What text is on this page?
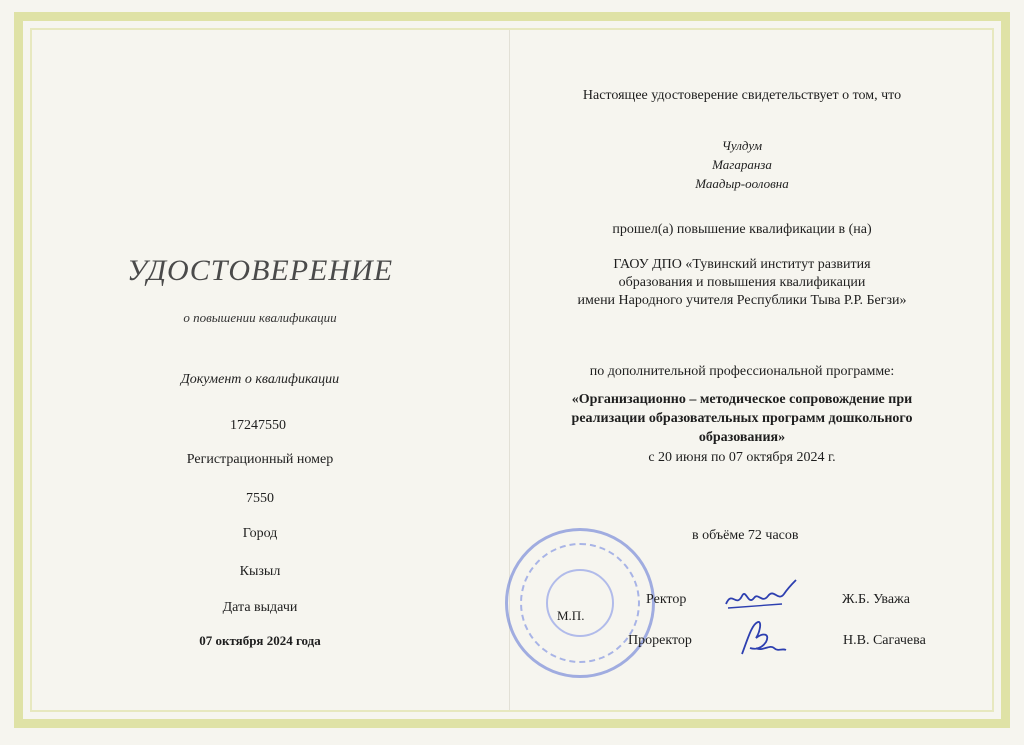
УДОСТОВЕРЕНИЕ
о повышении квалификации
Документ о квалификации
17247550
Регистрационный номер
7550
Город
Кызыл
Дата выдачи
07 октября 2024 года
Настоящее удостоверение свидетельствует о том, что
Чулдум
Магаранза
Маадыр-ооловна
прошел(а) повышение квалификации в (на)
ГАОУ ДПО «Тувинский институт развития
образования и повышения квалификации
имени Народного учителя Республики Тыва Р.Р. Бегзи»
по дополнительной профессиональной программе:
«Организационно – методическое сопровождение при
реализации образовательных программ дошкольного
образования»
с 20 июня по 07 октября 2024 г.
в объёме 72 часов
М.П.
Ректор	Ж.Б. Уважа
Проректор	Н.В. Сагачева
